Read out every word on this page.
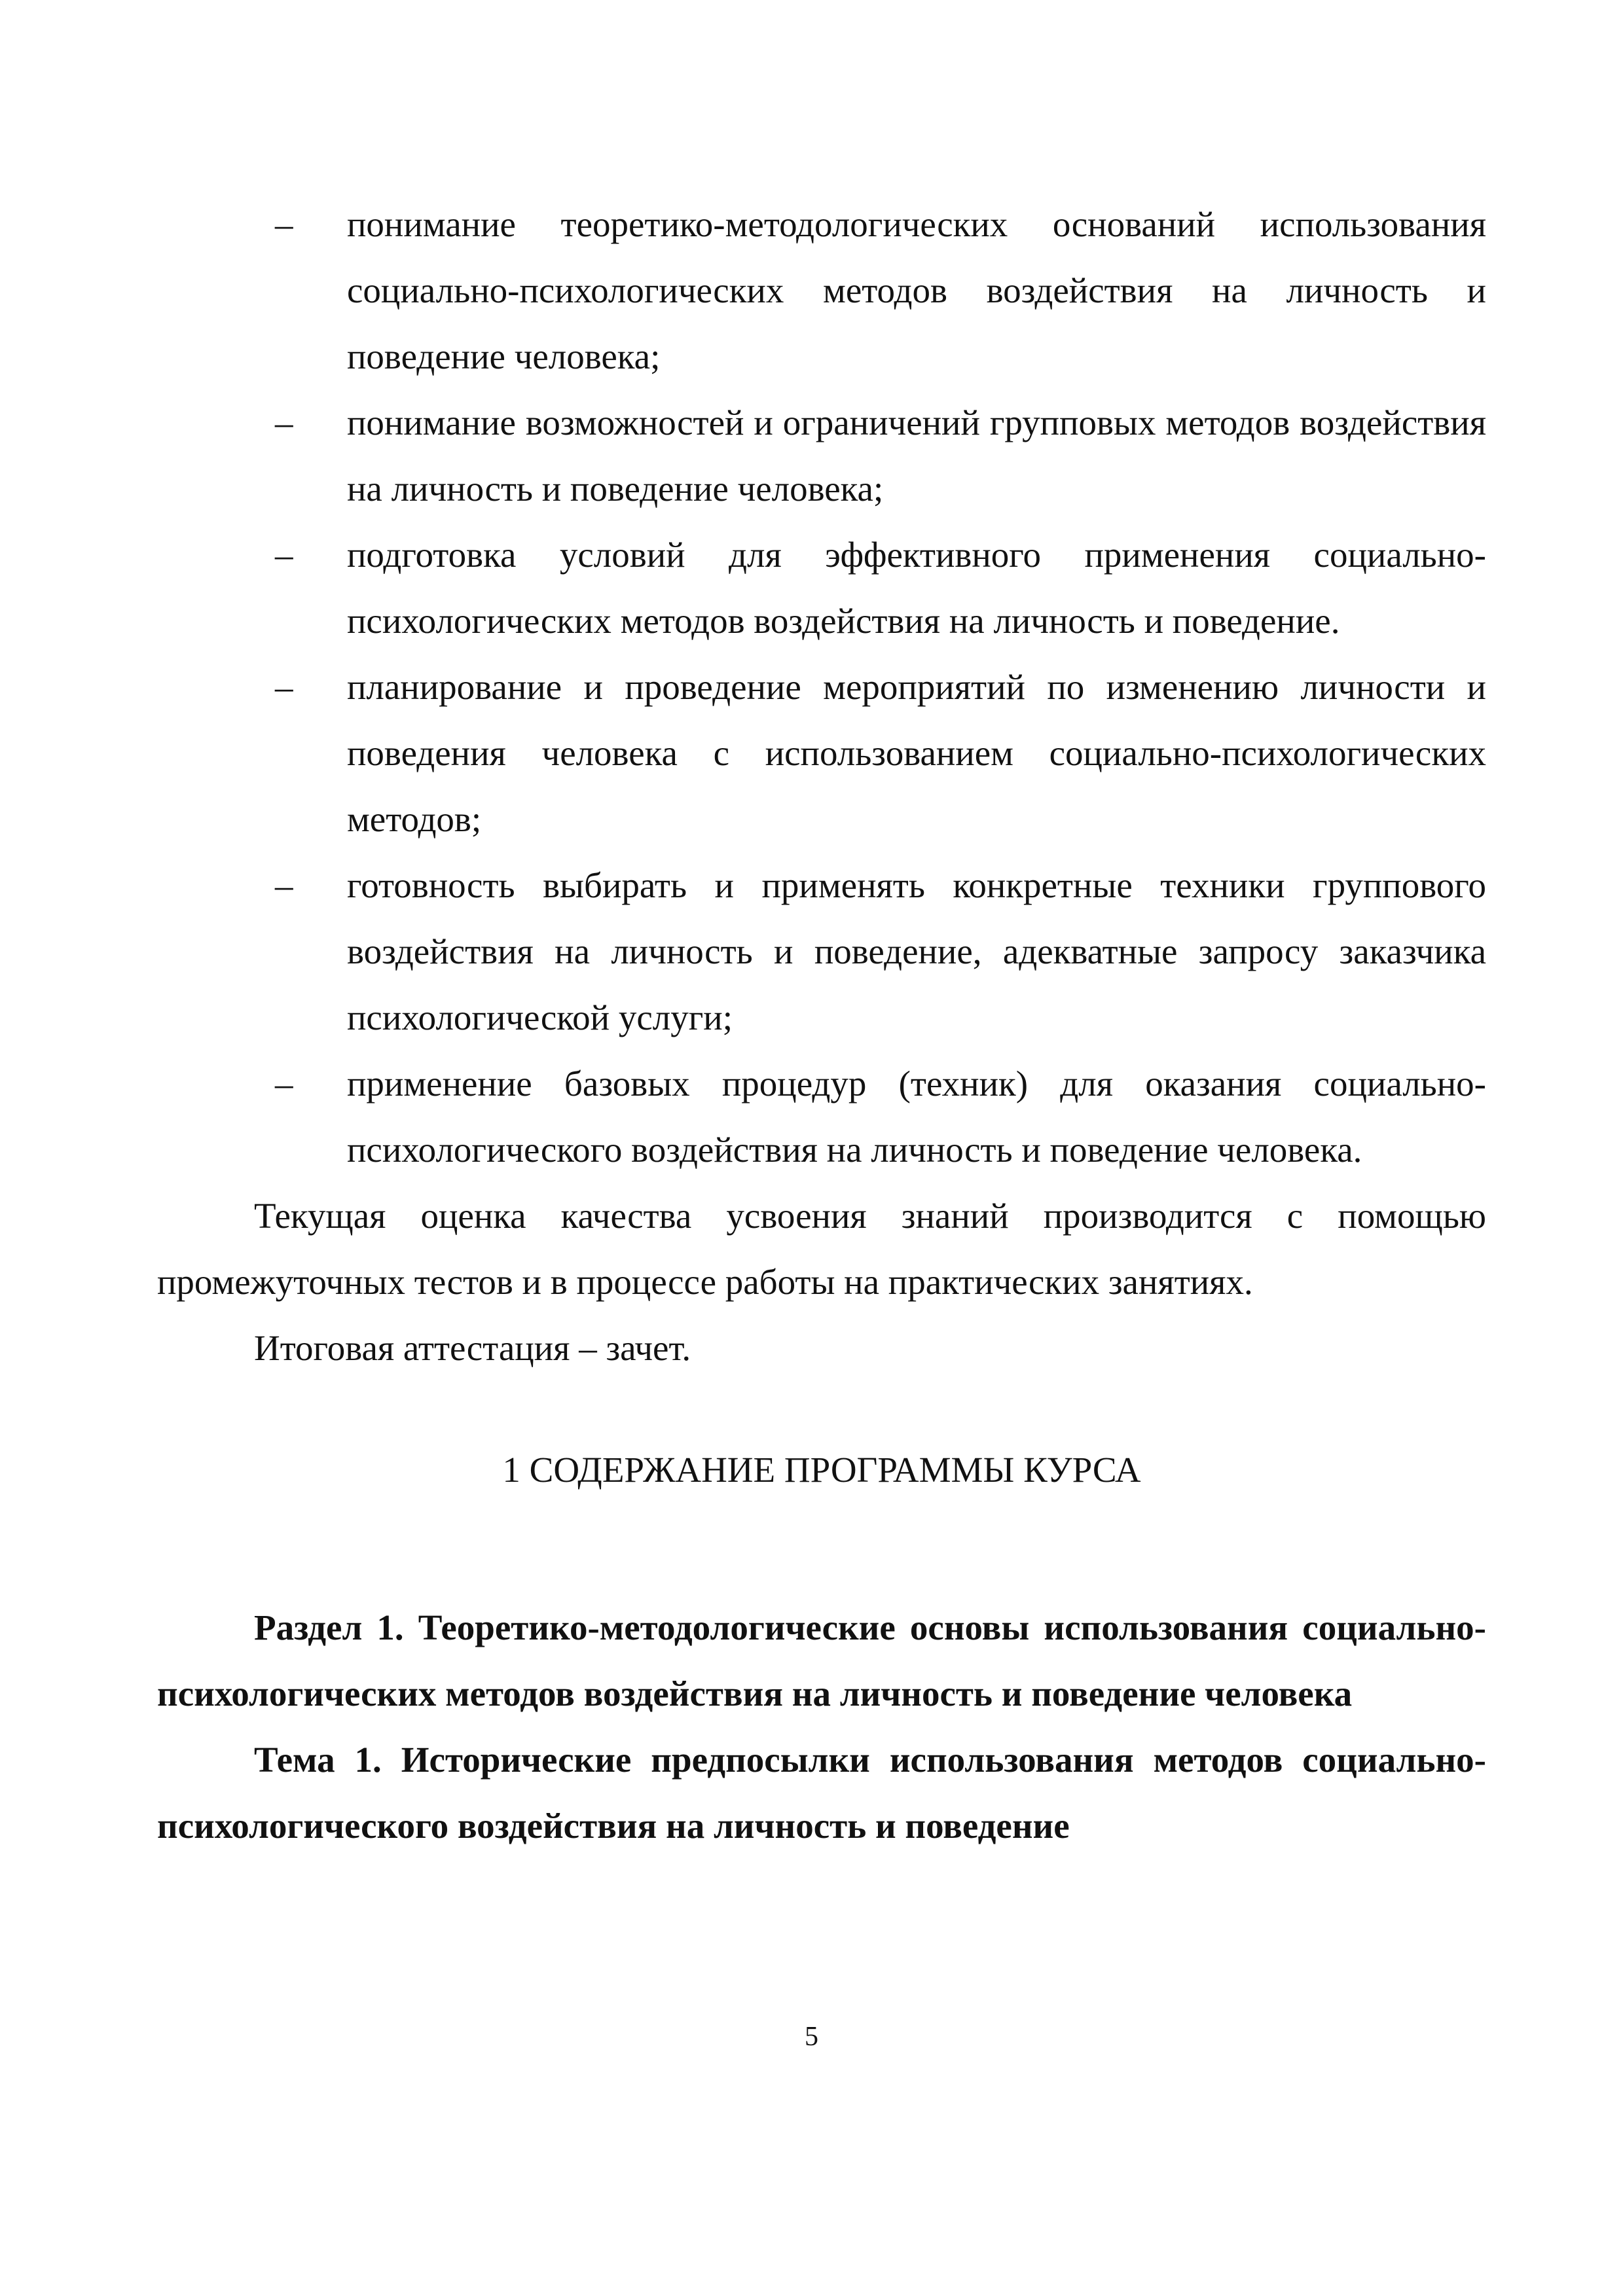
– понимание теоретико-методологических оснований использования социально-психологических методов воздействия на личность и поведение человека;
– понимание возможностей и ограничений групповых методов воздействия на личность и поведение человека;
– подготовка условий для эффективного применения социально-психологических методов воздействия на личность и поведение.
– планирование и проведение мероприятий по изменению личности и поведения человека с использованием социально-психологических методов;
– готовность выбирать и применять конкретные техники группового воздействия на личность и поведение, адекватные запросу заказчика психологической услуги;
– применение базовых процедур (техник) для оказания социально-психологического воздействия на личность и поведение человека.

Текущая оценка качества усвоения знаний производится с помощью промежуточных тестов и в процессе работы на практических занятиях.

Итоговая аттестация – зачет.

1 СОДЕРЖАНИЕ ПРОГРАММЫ КУРСА

Раздел 1. Теоретико-методологические основы использования социально-психологических методов воздействия на личность и поведение человека

Тема 1. Исторические предпосылки использования методов социально-психологического воздействия на личность и поведение

5
